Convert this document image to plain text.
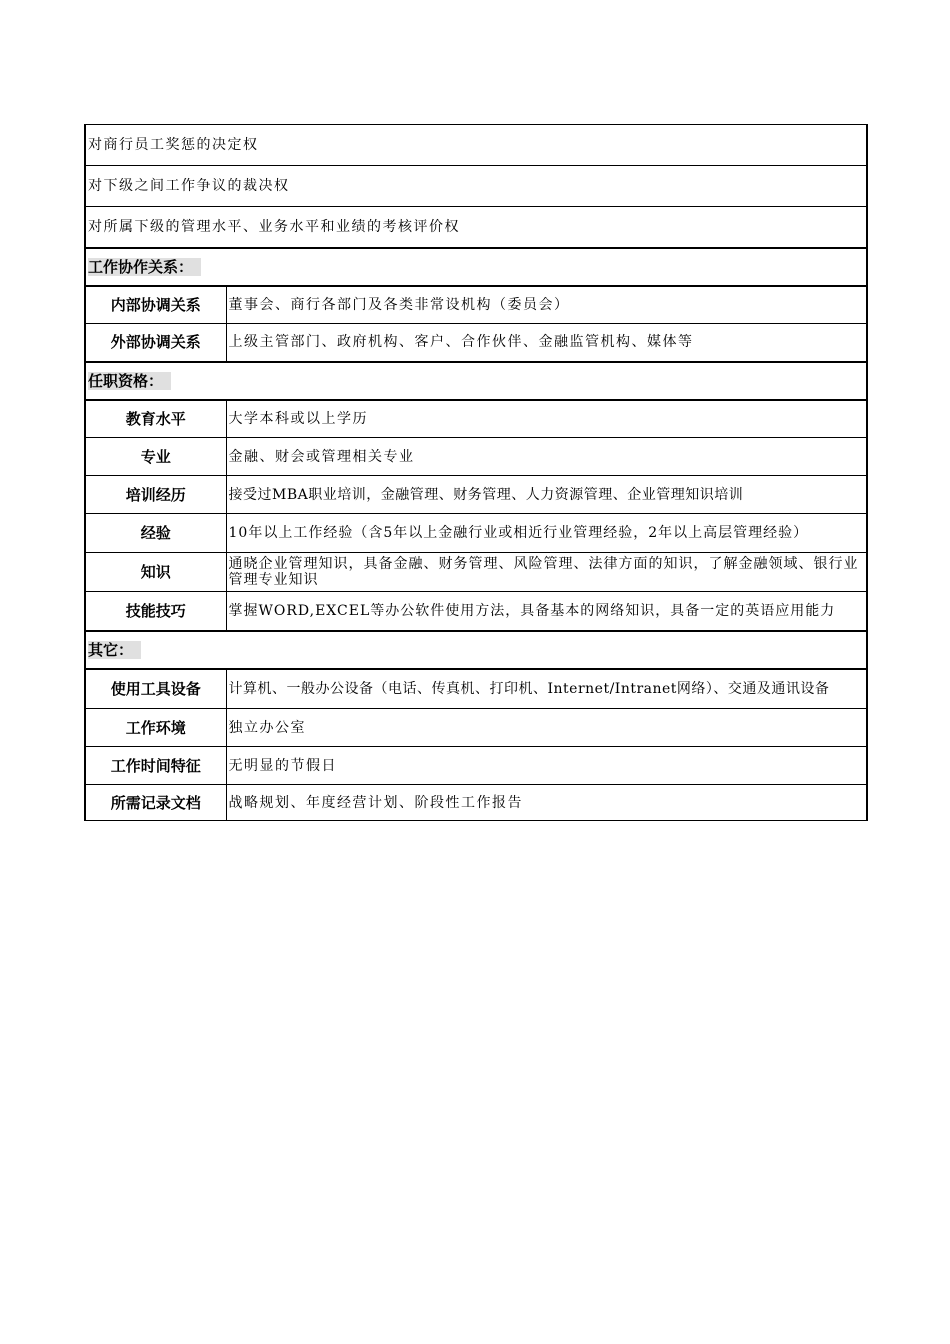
对商行员工奖惩的决定权	
对下级之间工作争议的裁决权	
对所属下级的管理水平、业务水平和业绩的考核评价权	
工作协作关系：	
内部协调关系	董事会、商行各部门及各类非常设机构（委员会）
外部协调关系	上级主管部门、政府机构、客户、合作伙伴、金融监管机构、媒体等
任职资格：	
教育水平	大学本科或以上学历
专业	金融、财会或管理相关专业
培训经历	接受过MBA职业培训，金融管理、财务管理、人力资源管理、企业管理知识培训
经验	10年以上工作经验（含5年以上金融行业或相近行业管理经验，2年以上高层管理经验）
知识	通晓企业管理知识，具备金融、财务管理、风险管理、法律方面的知识，了解金融领域、银行业管理专业知识
技能技巧	掌握WORD,EXCEL等办公软件使用方法，具备基本的网络知识，具备一定的英语应用能力
其它：	
使用工具设备	计算机、一般办公设备（电话、传真机、打印机、Internet/Intranet网络）、交通及通讯设备
工作环境	独立办公室
工作时间特征	无明显的节假日
所需记录文档	战略规划、年度经营计划、阶段性工作报告
